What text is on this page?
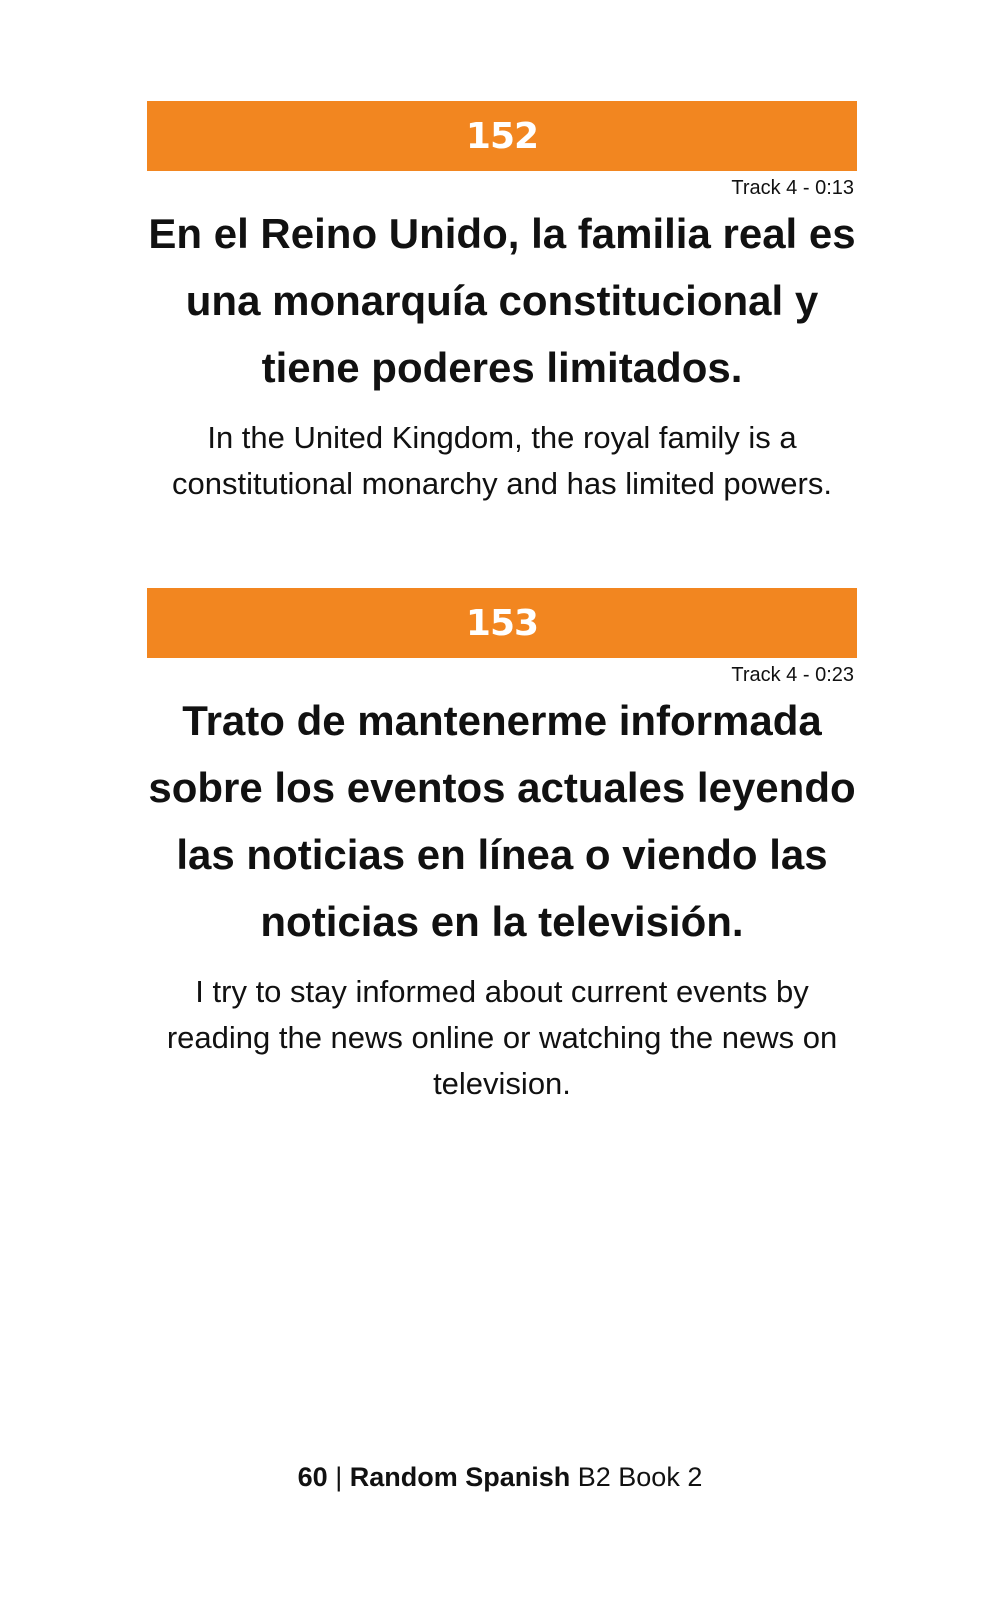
152
Track 4 - 0:13
En el Reino Unido, la familia real es una monarquía constitucional y tiene poderes limitados.
In the United Kingdom, the royal family is a constitutional monarchy and has limited powers.
153
Track 4 - 0:23
Trato de mantenerme informada sobre los eventos actuales leyendo las noticias en línea o viendo las noticias en la televisión.
I try to stay informed about current events by reading the news online or watching the news on television.
60 | Random Spanish B2 Book 2
